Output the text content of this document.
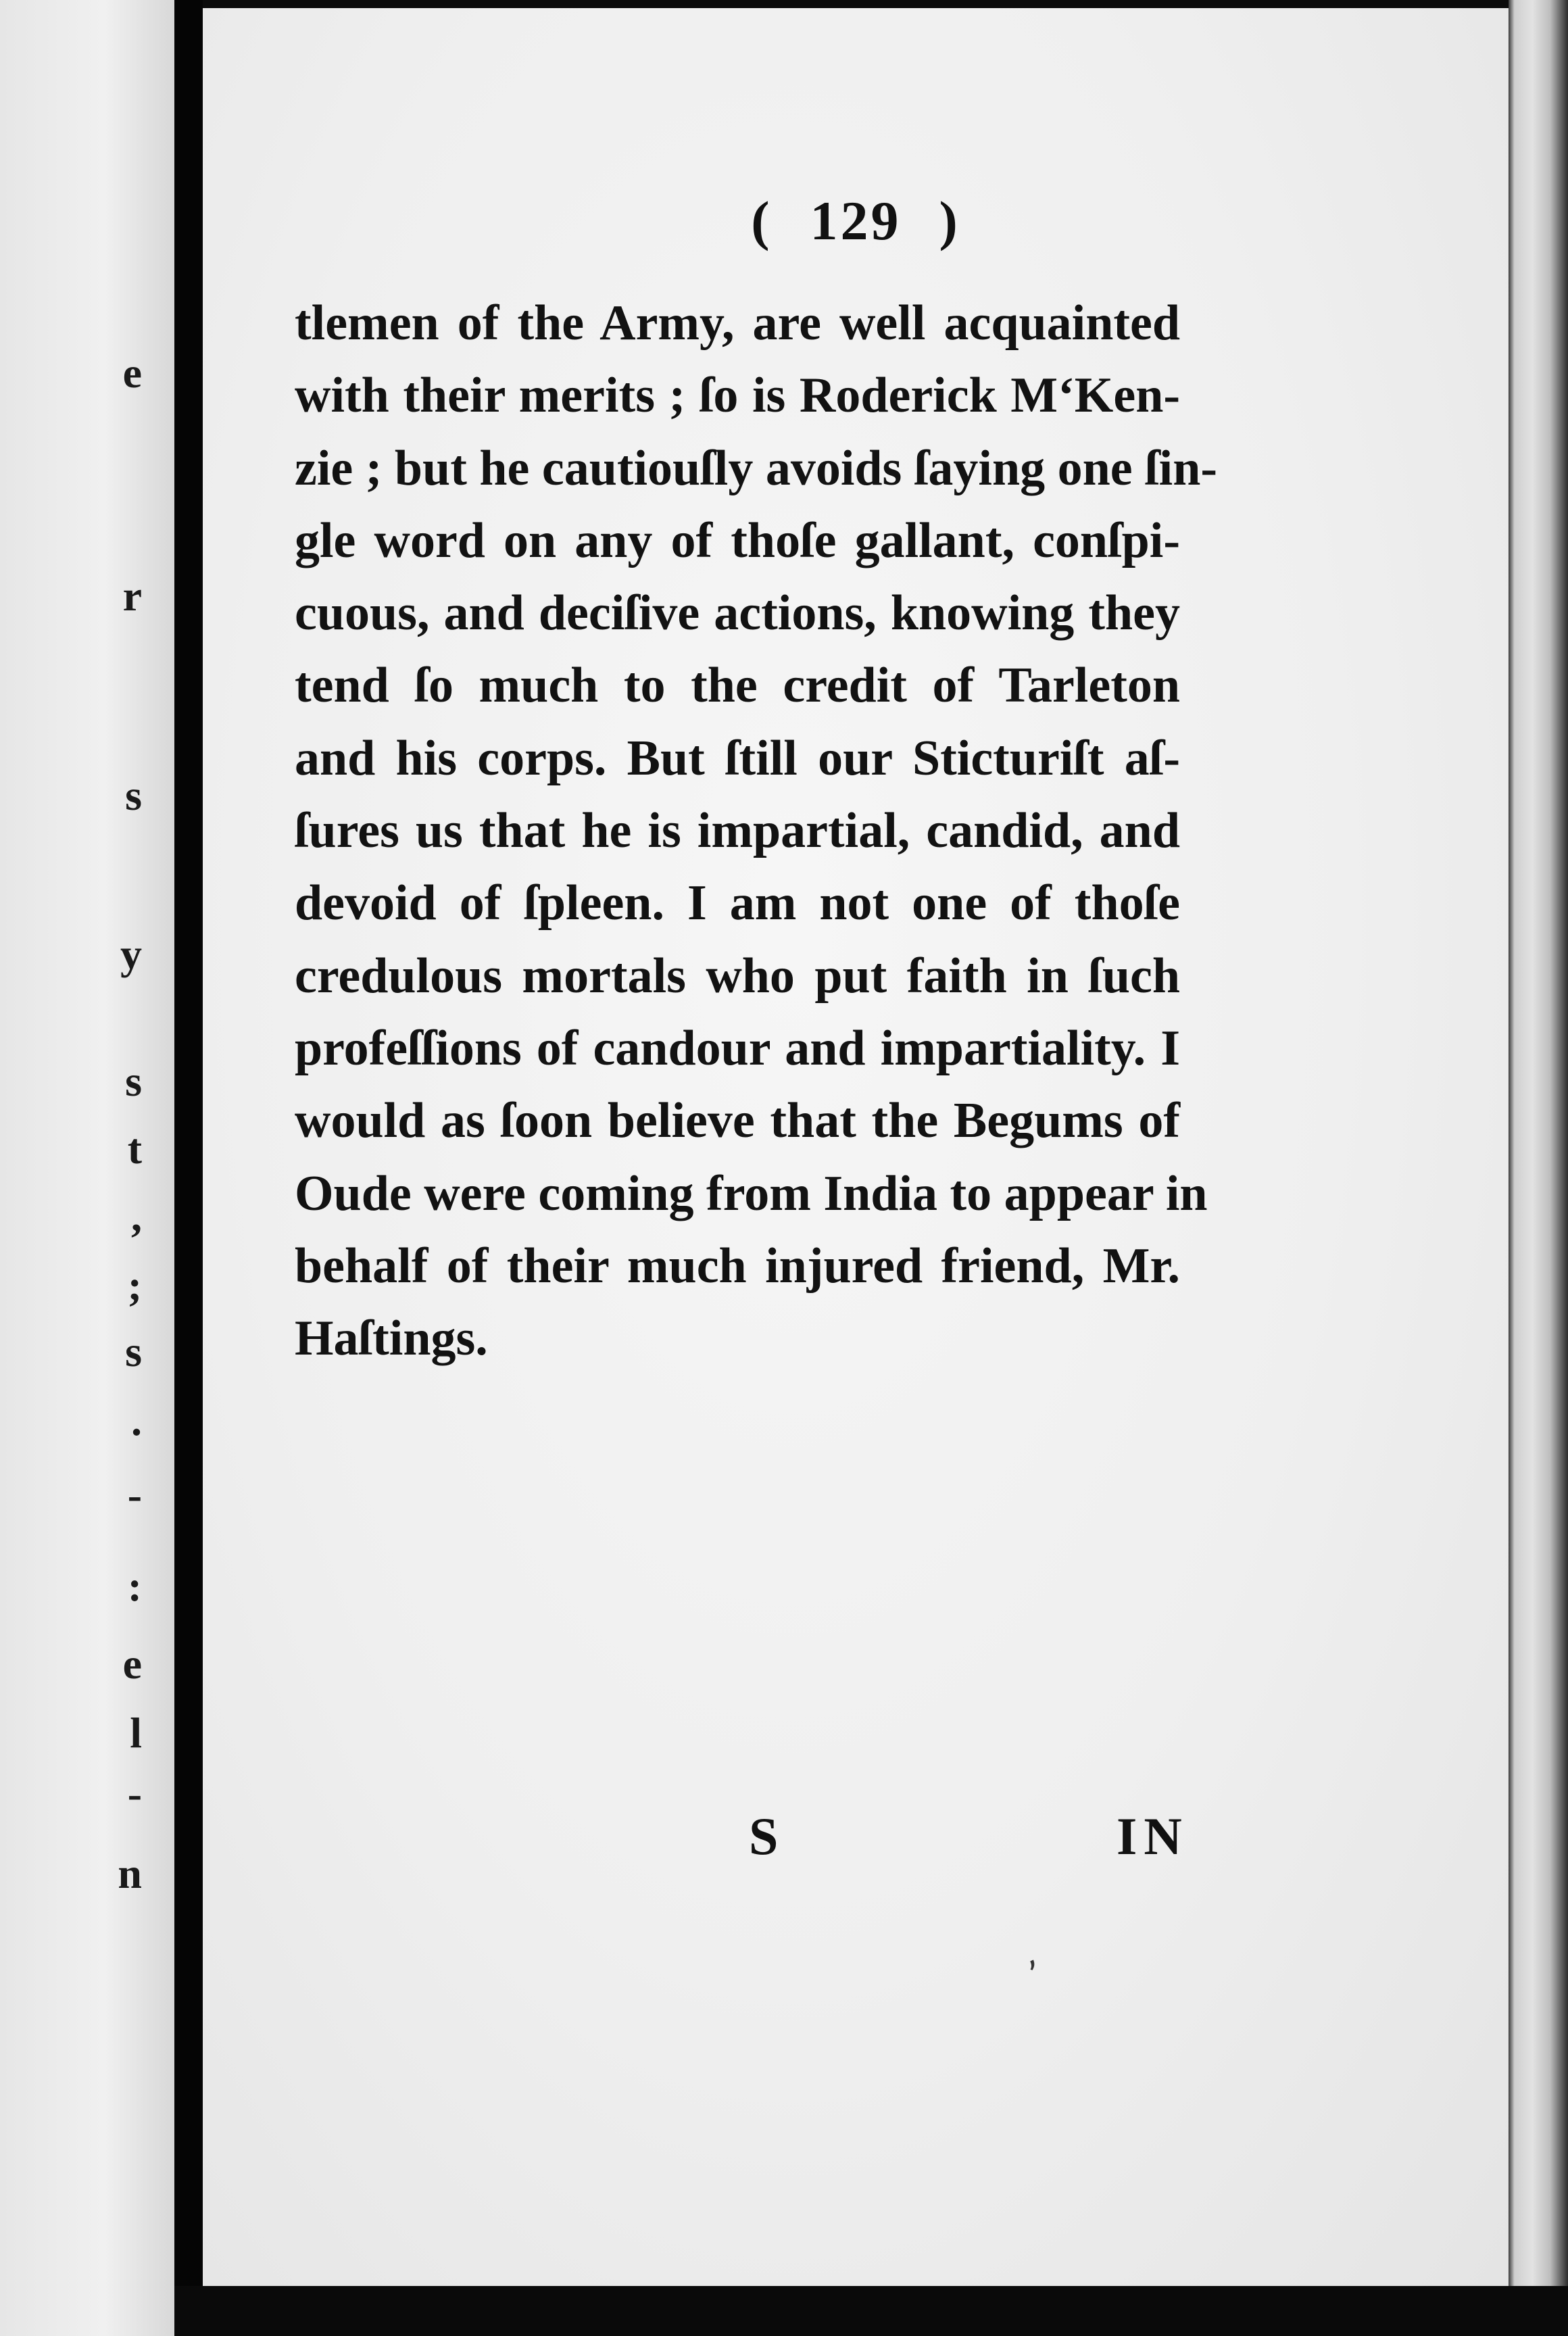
e
r
s
y
s
t
,
;
s
.
-
:
e
l
-
n
( 129 )
tlemen of the Army, are well acquainted
with their merits ; ſo is Roderick M‘Ken-
zie ; but he cautiouſly avoids ſaying one ſin-
gle word on any of thoſe gallant, conſpi-
cuous, and deciſive actions, knowing they
tend ſo much to the credit of Tarleton
and his corps. But ſtill our Sticturiſt aſ-
ſures us that he is impartial, candid, and
devoid of ſpleen. I am not one of thoſe
credulous mortals who put faith in ſuch
profeſſions of candour and impartiality. I
would as ſoon believe that the Begums of
Oude were coming from India to appear in
behalf of their much injured friend, Mr.
Haſtings.
S	IN
,
